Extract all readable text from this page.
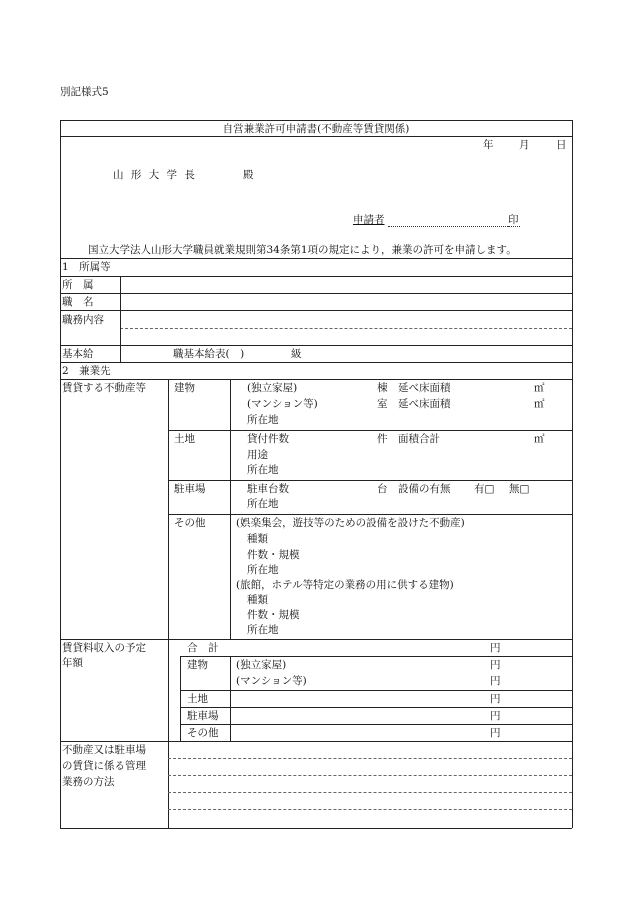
別記様式5
自営兼業許可申請書(不動産等賃貸関係)
年 月	日
山 形 大 学 長	殿
申請者	印
国立大学法人山形大学職員就業規則第34条第1項の規定により，兼業の許可を申請します。
1　所属等
所　属
職　名
職務内容
基本給	職基本給表(　)	級
2　兼業先
賃貸する不動産等	建物	(独立家屋)	棟 延べ床面積	㎡
(マンション等)	室 延べ床面積	㎡
所在地
土地	貸付件数	件 面積合計	㎡
用途
所在地
駐車場	駐車台数	台 設備の有無 有□ 無□
所在地
その他	(娯楽集会，遊技等のための設備を設けた不動産)
種類
件数・規模
所在地
(旅館，ホテル等特定の業務の用に供する建物)
種類
件数・規模
所在地
賃貸料収入の予定
年額
合　計	円
建物	(独立家屋)	円
(マンション等)	円
土地	円
駐車場	円
その他	円
不動産又は駐車場
の賃貸に係る管理
業務の方法
